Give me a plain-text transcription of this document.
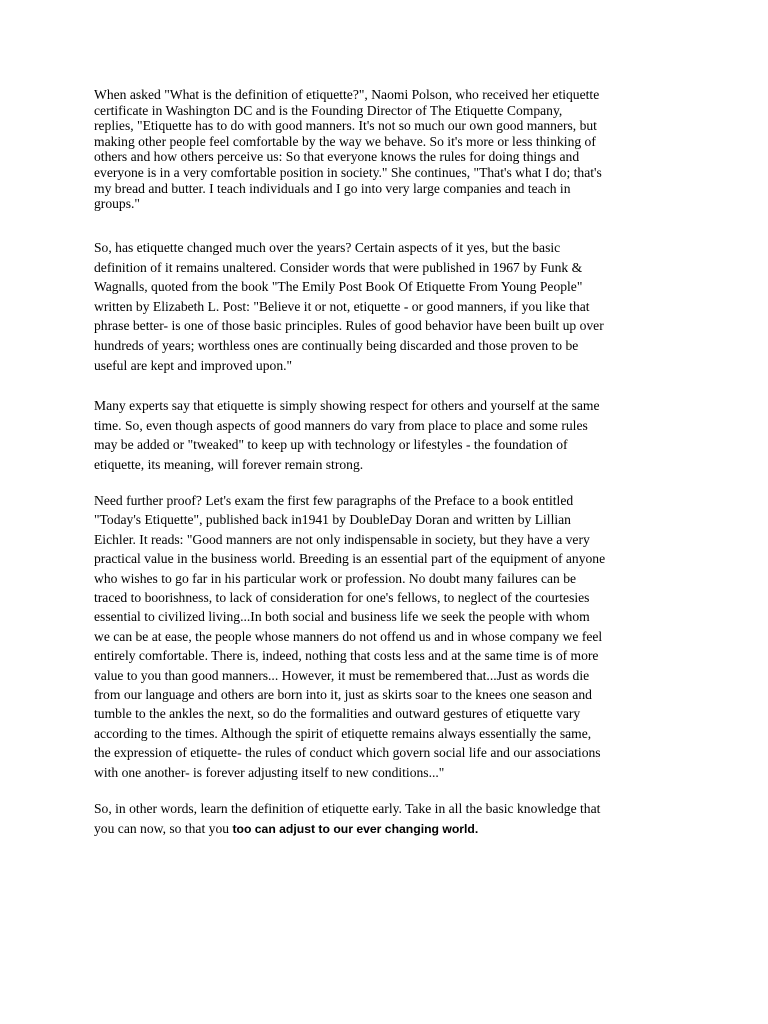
When asked "What is the definition of etiquette?", Naomi Polson, who received her etiquette
certificate in Washington DC and is the Founding Director of The Etiquette Company,
replies, "Etiquette has to do with good manners. It's not so much our own good manners, but
making other people feel comfortable by the way we behave. So it's more or less thinking of
others and how others perceive us: So that everyone knows the rules for doing things and
everyone is in a very comfortable position in society." She continues, "That's what I do; that's
my bread and butter. I teach individuals and I go into very large companies and teach in
groups."

So, has etiquette changed much over the years? Certain aspects of it yes, but the basic
definition of it remains unaltered. Consider words that were published in 1967 by Funk &
Wagnalls, quoted from the book "The Emily Post Book Of Etiquette From Young People"
written by Elizabeth L. Post: "Believe it or not, etiquette - or good manners, if you like that
phrase better- is one of those basic principles. Rules of good behavior have been built up over
hundreds of years; worthless ones are continually being discarded and those proven to be
useful are kept and improved upon."

Many experts say that etiquette is simply showing respect for others and yourself at the same
time. So, even though aspects of good manners do vary from place to place and some rules
may be added or "tweaked" to keep up with technology or lifestyles - the foundation of
etiquette, its meaning, will forever remain strong.

Need further proof? Let's exam the first few paragraphs of the Preface to a book entitled
"Today's Etiquette", published back in1941 by DoubleDay Doran and written by Lillian
Eichler. It reads: "Good manners are not only indispensable in society, but they have a very
practical value in the business world. Breeding is an essential part of the equipment of anyone
who wishes to go far in his particular work or profession. No doubt many failures can be
traced to boorishness, to lack of consideration for one's fellows, to neglect of the courtesies
essential to civilized living...In both social and business life we seek the people with whom
we can be at ease, the people whose manners do not offend us and in whose company we feel
entirely comfortable. There is, indeed, nothing that costs less and at the same time is of more
value to you than good manners... However, it must be remembered that...Just as words die
from our language and others are born into it, just as skirts soar to the knees one season and
tumble to the ankles the next, so do the formalities and outward gestures of etiquette vary
according to the times. Although the spirit of etiquette remains always essentially the same,
the expression of etiquette- the rules of conduct which govern social life and our associations
with one another- is forever adjusting itself to new conditions..."

So, in other words, learn the definition of etiquette early. Take in all the basic knowledge that
you can now, so that you too can adjust to our ever changing world.
